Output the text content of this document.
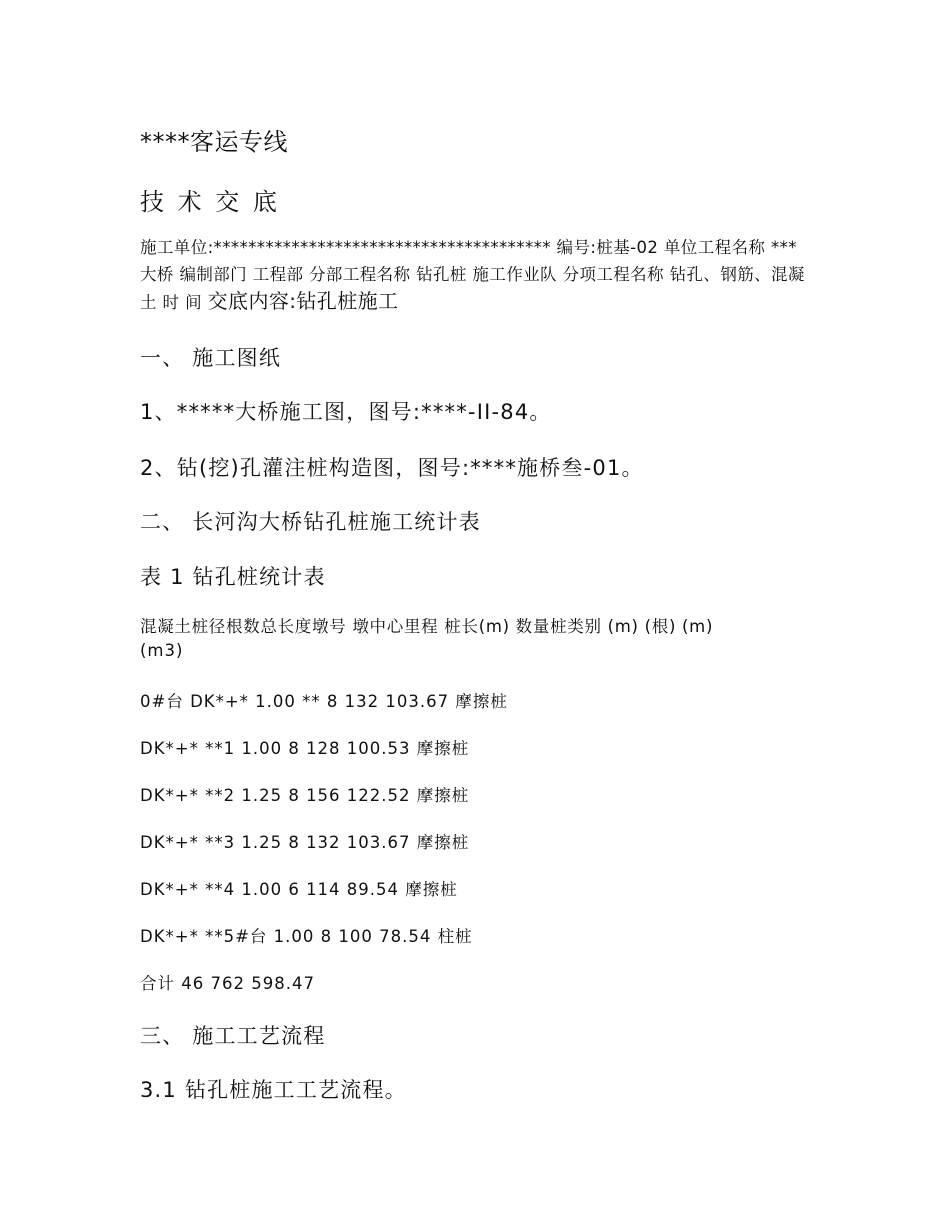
****客运专线
技 术 交 底
施工单位:*************************************** 编号:桩基-02 单位工程名称 ***大桥 编制部门 工程部 分部工程名称 钻孔桩 施工作业队 分项工程名称 钻孔、钢筋、混凝土 时 间 交底内容:钻孔桩施工
一、 施工图纸
1、*****大桥施工图，图号:****-II-84。
2、钻(挖)孔灌注桩构造图，图号:****施桥叁-01。
二、 长河沟大桥钻孔桩施工统计表
表 1 钻孔桩统计表
混凝土桩径根数总长度墩号 墩中心里程 桩长(m) 数量桩类别 (m) (根) (m)
(m3)
0#台 DK*+* 1.00 ** 8 132 103.67 摩擦桩
DK*+* **1 1.00 8 128 100.53 摩擦桩
DK*+* **2 1.25 8 156 122.52 摩擦桩
DK*+* **3 1.25 8 132 103.67 摩擦桩
DK*+* **4 1.00 6 114 89.54 摩擦桩
DK*+* **5#台 1.00 8 100 78.54 柱桩
合计 46 762 598.47
三、 施工工艺流程
3.1 钻孔桩施工工艺流程。
